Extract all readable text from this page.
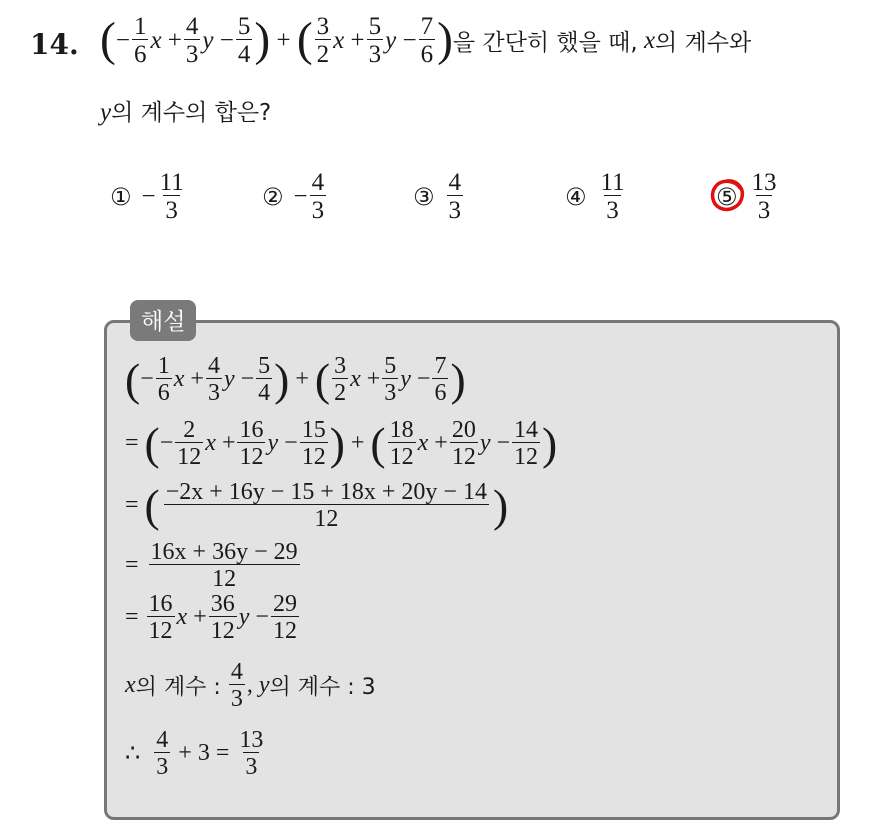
14. ( − $\frac{1}{6}$ $x + \frac{4}{3}$ $y - \frac{5}{4}$ ) + ( $\frac{3}{2}$ $x + \frac{5}{3}$ $y - \frac{7}{6}$ ) 을 간단히 했을 때,
x 의 계수와
y의 계수의 합은?
① − $\frac{11}{3}$	② − $\frac{4}{3}$	③ $\frac{4}{3}$	④ $\frac{11}{3}$	⑤ $\frac{13}{3}$
해설
( − $\frac{1}{6}$ $x + \frac{4}{3}$ $y - \frac{5}{4}$ ) + ( $\frac{3}{2}$ $x + \frac{5}{3}$ $y - \frac{7}{6}$ )
= ( − $\frac{2}{12}$ $x + \frac{16}{12}$ $y - \frac{15}{12}$ ) + ( $\frac{18}{12}$ $x + \frac{20}{12}$ $y - \frac{14}{12}$ )
= ( $\frac{-2x + 16y - 15 + 18x + 20y - 14}{12}$ )
= $\frac{16x + 36y - 29}{12}$
= $\frac{16}{12}$ $x + \frac{36}{12}$ $y - \frac{29}{12}$
x 의 계수 :
$\frac{4}{3}$ , y 의 계수 : 3
∴
$\frac{4}{3}$
+ 3 =
$\frac{13}{3}$
